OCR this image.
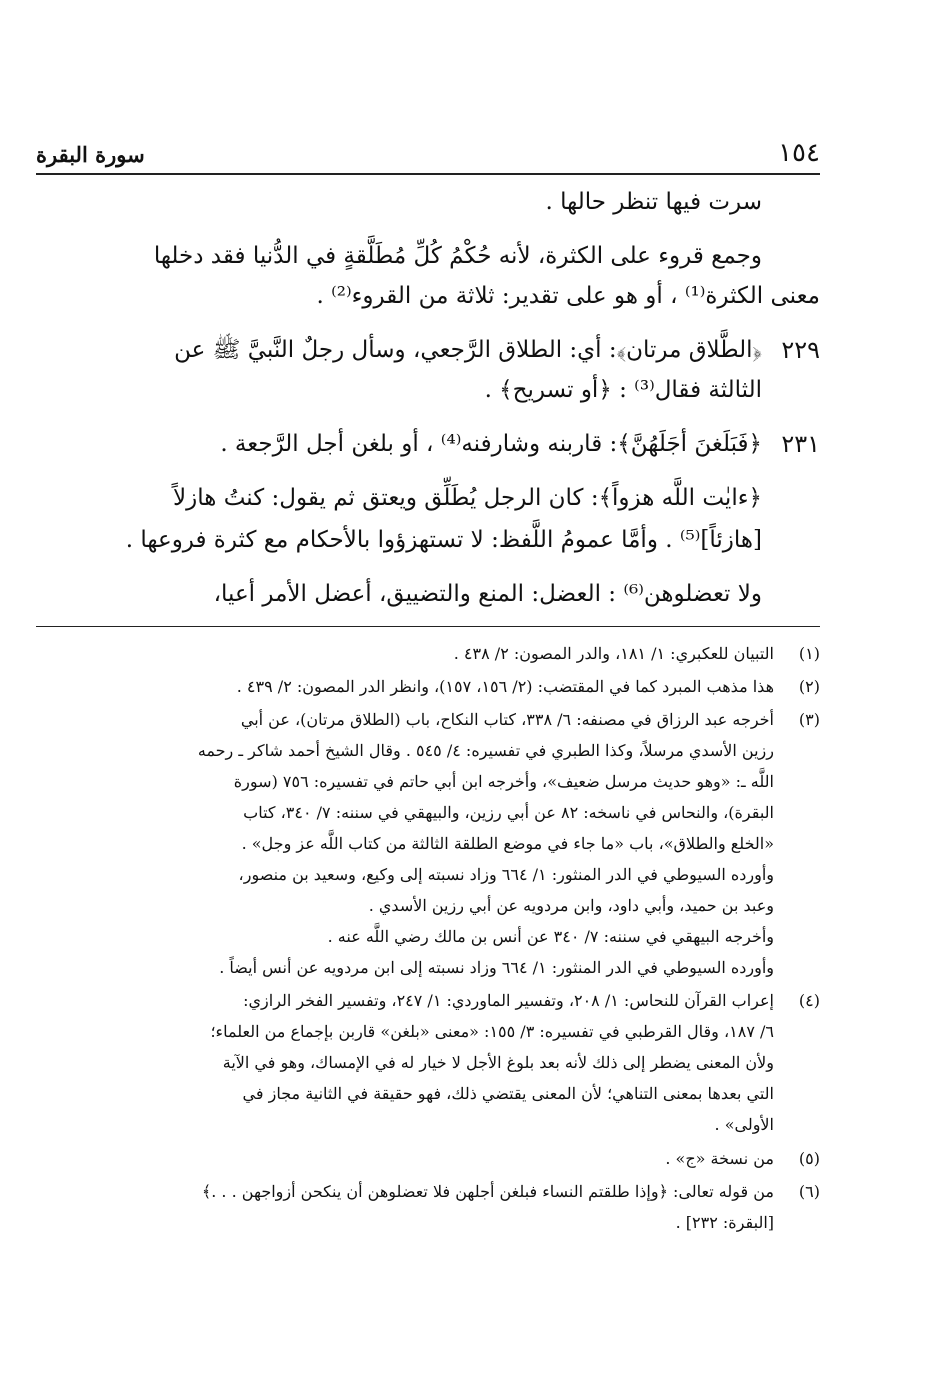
١٥٤
سورة البقرة
سرت فيها تنظر حالها .
وجمع قروء على الكثرة، لأنه حُكْمُ كُلِّ مُطَلَّقةٍ في الدُّنيا فقد دخلها
معنى الكثرة⁽¹⁾ ، أو هو على تقدير: ثلاثة من القروء⁽²⁾ .
٢٢٩
﴿الطَّلاق مرتان﴾: أي: الطلاق الرَّجعي، وسأل رجلٌ النَّبيَّ ﷺ عن
الثالثة فقال⁽³⁾ : ﴿أو تسريح﴾ .
٢٣١
﴿فَبَلَغنَ أجَلَهُنَّ﴾: قاربنه وشارفنه⁽⁴⁾ ، أو بلغن أجل الرَّجعة .
﴿ءايٰت اللَّه هزواً﴾: كان الرجل يُطَلِّق ويعتق ثم يقول: كنتُ هازلاً
[هازئاً]⁽⁵⁾ . وأمَّا عمومُ اللَّفظ: لا تستهزؤوا بالأحكام مع كثرة فروعها .
ولا تعضلوهن⁽⁶⁾ : العضل: المنع والتضييق، أعضل الأمر أعيا،
(١)
التبيان للعكبري: ١/ ١٨١، والدر المصون: ٢/ ٤٣٨ .
(٢)
هذا مذهب المبرد كما في المقتضب: (٢/ ١٥٦، ١٥٧)، وانظر الدر المصون: ٢/ ٤٣٩ .
(٣)
أخرجه عبد الرزاق في مصنفه: ٦/ ٣٣٨، كتاب النكاح، باب (الطلاق مرتان)، عن أبي
رزين الأسدي مرسلاً، وكذا الطبري في تفسيره: ٤/ ٥٤٥ . وقال الشيخ أحمد شاكر ـ رحمه
اللَّه ـ: «وهو حديث مرسل ضعيف»، وأخرجه ابن أبي حاتم في تفسيره: ٧٥٦ (سورة
البقرة)، والنحاس في ناسخه: ٨٢ عن أبي رزين، والبيهقي في سننه: ٧/ ٣٤٠، كتاب
«الخلع والطلاق»، باب «ما جاء في موضع الطلقة الثالثة من كتاب اللَّه عز وجل» .
وأورده السيوطي في الدر المنثور: ١/ ٦٦٤ وزاد نسبته إلى وكيع، وسعيد بن منصور،
وعبد بن حميد، وأبي داود، وابن مردويه عن أبي رزين الأسدي .
وأخرجه البيهقي في سننه: ٧/ ٣٤٠ عن أنس بن مالك رضي اللَّه عنه .
وأورده السيوطي في الدر المنثور: ١/ ٦٦٤ وزاد نسبته إلى ابن مردويه عن أنس أيضاً .
(٤)
إعراب القرآن للنحاس: ١/ ٢٠٨، وتفسير الماوردي: ١/ ٢٤٧، وتفسير الفخر الرازي:
٦/ ١٨٧، وقال القرطبي في تفسيره: ٣/ ١٥٥: «معنى «بلغن» قاربن بإجماع من العلماء؛
ولأن المعنى يضطر إلى ذلك لأنه بعد بلوغ الأجل لا خيار له في الإمساك، وهو في الآية
التي بعدها بمعنى التناهي؛ لأن المعنى يقتضي ذلك، فهو حقيقة في الثانية مجاز في
الأولى» .
(٥)
من نسخة «ج» .
(٦)
من قوله تعالى: ﴿وإذا طلقتم النساء فبلغن أجلهن فلا تعضلوهن أن ينكحن أزواجهن . . .﴾
[البقرة: ٢٣٢] .
